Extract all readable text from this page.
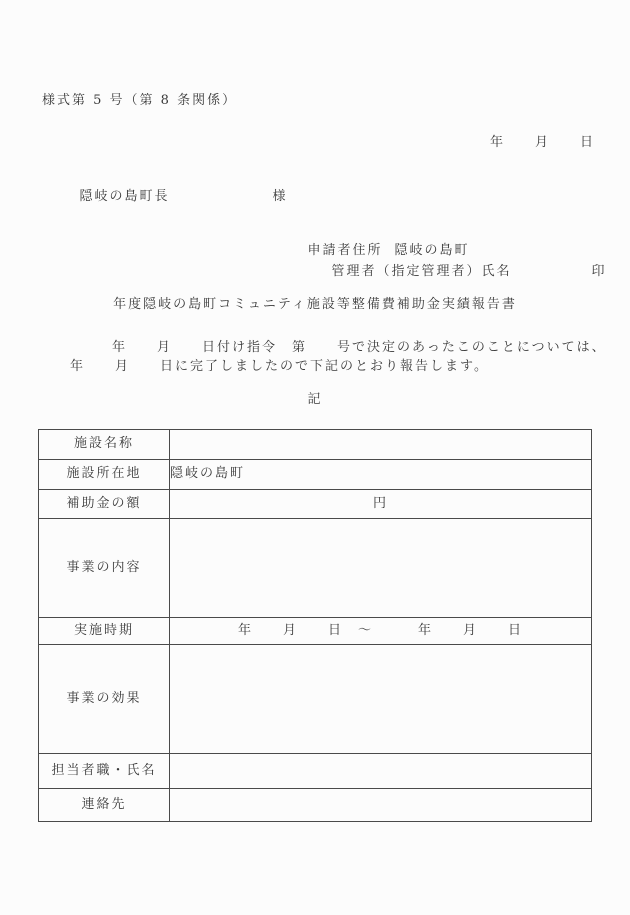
様式第 5 号（第 8 条関係）
年　　月　　日

隠岐の島町長	様

申請者住所 隠岐の島町

管理者（指定管理者）氏名	印

年度隠岐の島町コミュニティ施設等整備費補助金実績報告書
年　　月　　日付け指令　第　　号で決定のあったこのことについては、
年　　月　　日に完了しましたので下記のとおり報告します。
記
施設名称	
施設所在地	隠岐の島町
補助金の額	円
事業の内容	
実施時期	年　　月　　日　～　　　年　　月　　日
事業の効果	
担当者職・氏名	
連絡先	
